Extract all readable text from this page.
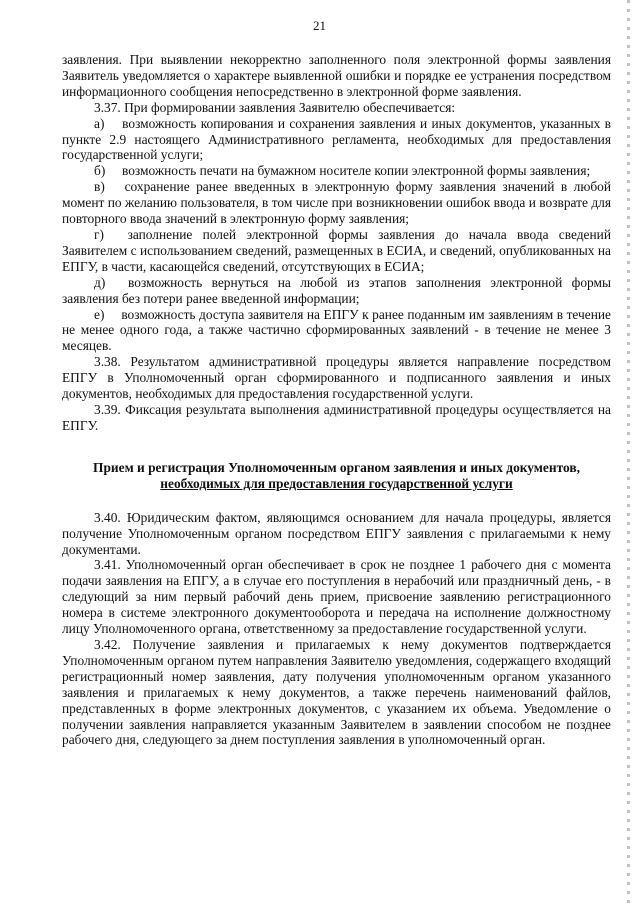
21

заявления. При выявлении некорректно заполненного поля электронной формы заявления Заявитель уведомляется о характере выявленной ошибки и порядке ее устранения посредством информационного сообщения непосредственно в электронной форме заявления.

3.37. При формировании заявления Заявителю обеспечивается:

а)  возможность копирования и сохранения заявления и иных документов, указанных в пункте 2.9 настоящего Административного регламента, необходимых для предоставления государственной услуги;

б)  возможность печати на бумажном носителе копии электронной формы заявления;

в)  сохранение ранее введенных в электронную форму заявления значений в любой момент по желанию пользователя, в том числе при возникновении ошибок ввода и возврате для повторного ввода значений в электронную форму заявления;

г)  заполнение полей электронной формы заявления до начала ввода сведений Заявителем с использованием сведений, размещенных в ЕСИА, и сведений, опубликованных на ЕПГУ, в части, касающейся сведений, отсутствующих в ЕСИА;

д)  возможность вернуться на любой из этапов заполнения электронной формы заявления без потери ранее введенной информации;

е)  возможность доступа заявителя на ЕПГУ к ранее поданным им заявлениям в течение не менее одного года, а также частично сформированных заявлений - в течение не менее 3 месяцев.

3.38. Результатом административной процедуры является направление посредством ЕПГУ в Уполномоченный орган сформированного и подписанного заявления и иных документов, необходимых для предоставления государственной услуги.

3.39. Фиксация результата выполнения административной процедуры осуществляется на ЕПГУ.

Прием и регистрация Уполномоченным органом заявления и иных документов,
необходимых для предоставления государственной услуги

3.40. Юридическим фактом, являющимся основанием для начала процедуры, является получение Уполномоченным органом посредством ЕПГУ заявления с прилагаемыми к нему документами.

3.41. Уполномоченный орган обеспечивает в срок не позднее 1 рабочего дня с момента подачи заявления на ЕПГУ, а в случае его поступления в нерабочий или праздничный день, - в следующий за ним первый рабочий день прием, присвоение заявлению регистрационного номера в системе электронного документооборота и передача на исполнение должностному лицу Уполномоченного органа, ответственному за предоставление государственной услуги.

3.42. Получение заявления и прилагаемых к нему документов подтверждается Уполномоченным органом путем направления Заявителю уведомления, содержащего входящий регистрационный номер заявления, дату получения уполномоченным органом указанного заявления и прилагаемых к нему документов, а также перечень наименований файлов, представленных в форме электронных документов, с указанием их объема. Уведомление о получении заявления направляется указанным Заявителем в заявлении способом не позднее рабочего дня, следующего за днем поступления заявления в уполномоченный орган.
